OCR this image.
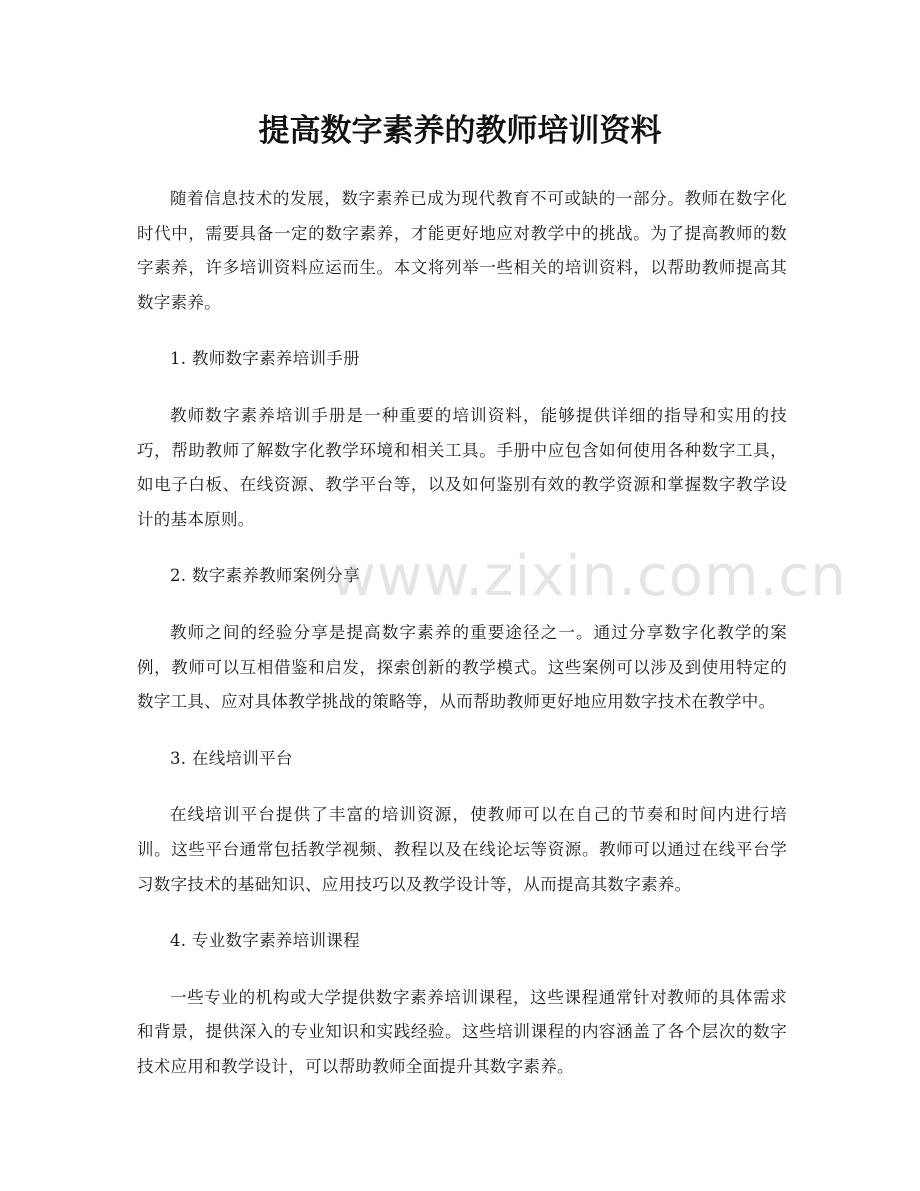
提高数字素养的教师培训资料

随着信息技术的发展，数字素养已成为现代教育不可或缺的一部分。教师在数字化时代中，需要具备一定的数字素养，才能更好地应对教学中的挑战。为了提高教师的数字素养，许多培训资料应运而生。本文将列举一些相关的培训资料，以帮助教师提高其数字素养。

1. 教师数字素养培训手册

教师数字素养培训手册是一种重要的培训资料，能够提供详细的指导和实用的技巧，帮助教师了解数字化教学环境和相关工具。手册中应包含如何使用各种数字工具，如电子白板、在线资源、教学平台等，以及如何鉴别有效的教学资源和掌握数字教学设计的基本原则。

2. 数字素养教师案例分享

教师之间的经验分享是提高数字素养的重要途径之一。通过分享数字化教学的案例，教师可以互相借鉴和启发，探索创新的教学模式。这些案例可以涉及到使用特定的数字工具、应对具体教学挑战的策略等，从而帮助教师更好地应用数字技术在教学中。

3. 在线培训平台

在线培训平台提供了丰富的培训资源，使教师可以在自己的节奏和时间内进行培训。这些平台通常包括教学视频、教程以及在线论坛等资源。教师可以通过在线平台学习数字技术的基础知识、应用技巧以及教学设计等，从而提高其数字素养。

4. 专业数字素养培训课程

一些专业的机构或大学提供数字素养培训课程，这些课程通常针对教师的具体需求和背景，提供深入的专业知识和实践经验。这些培训课程的内容涵盖了各个层次的数字技术应用和教学设计，可以帮助教师全面提升其数字素养。

www.zixin.com.cn
